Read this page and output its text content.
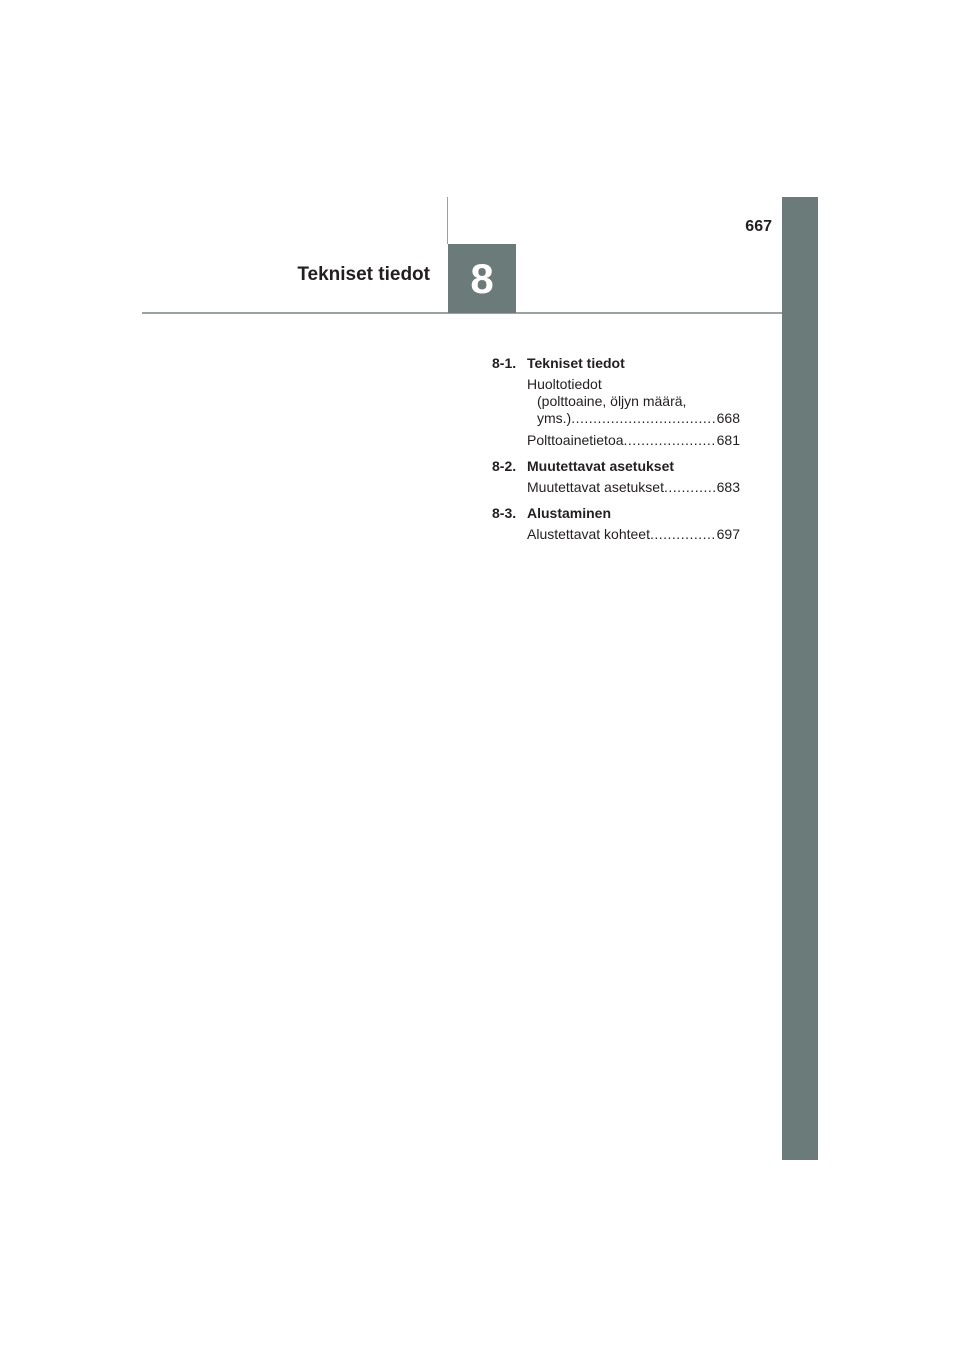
8
Tekniset tiedot
667
8-1. Tekniset tiedot
Huoltotiedot
(polttoaine, öljyn määrä,
yms.) .....	668
Polttoainetietoa .....	681
8-2. Muutettavat asetukset
Muutettavat asetukset .....	683
8-3. Alustaminen
Alustettavat kohteet .....	697
